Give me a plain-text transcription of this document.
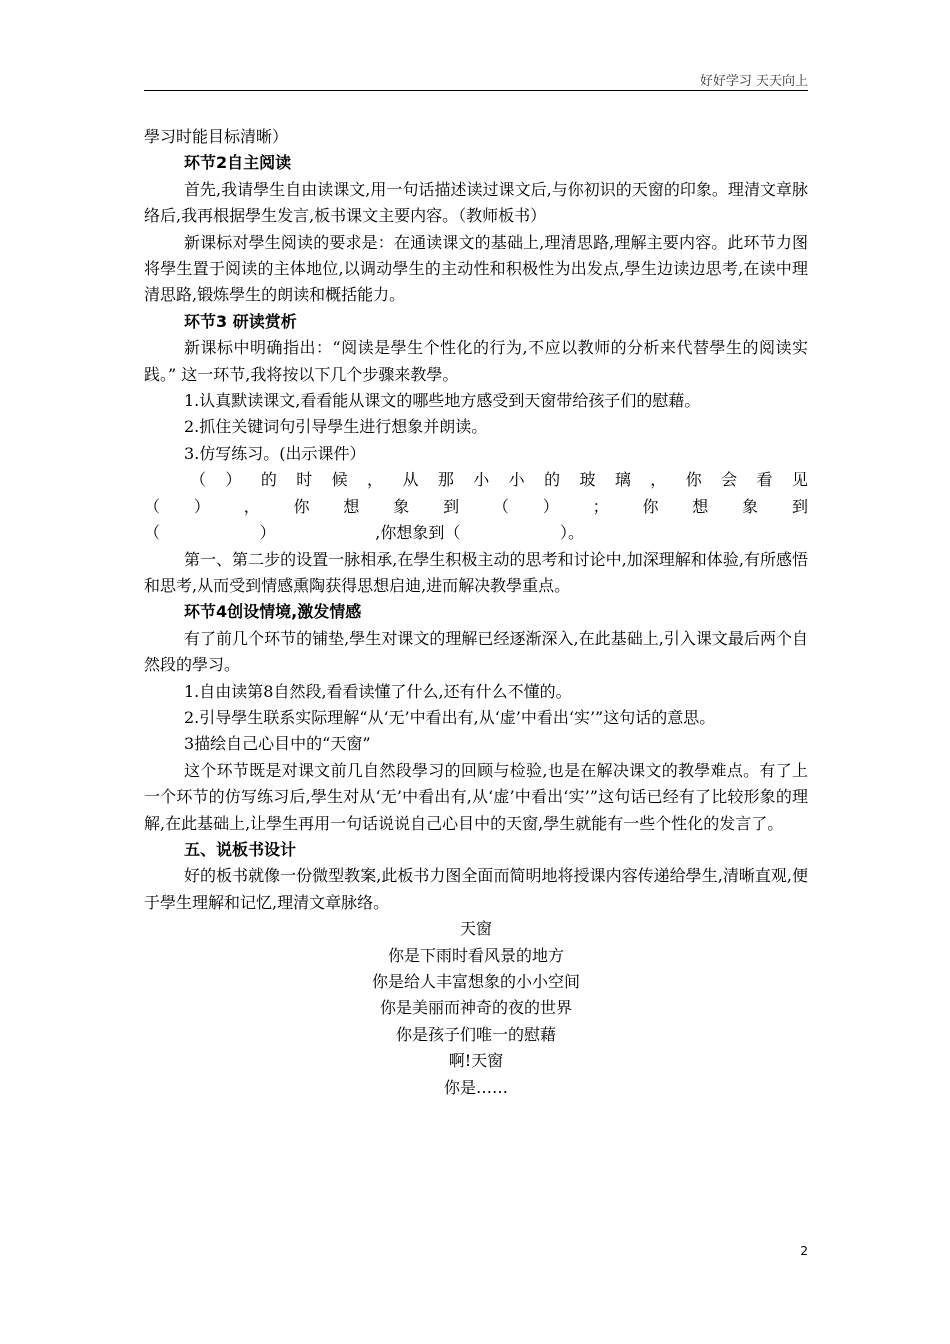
好好学习 天天向上

學习时能目标清晰）

环节2自主阅读

首先,我请學生自由读课文,用一句话描述读过课文后,与你初识的天窗的印象。理清文章脉络后,我再根据學生发言,板书课文主要内容。（教师板书）

新课标对學生阅读的要求是：在通读课文的基础上,理清思路,理解主要内容。此环节力图将學生置于阅读的主体地位,以调动學生的主动性和积极性为出发点,學生边读边思考,在读中理清思路,锻炼學生的朗读和概括能力。

环节3 研读赏析

新课标中明确指出：“阅读是學生个性化的行为,不应以教师的分析来代替學生的阅读实践。” 这一环节,我将按以下几个步骤来教學。

1.认真默读课文,看看能从课文的哪些地方感受到天窗带给孩子们的慰藉。

2.抓住关键词句引导學生进行想象并朗读。

3.仿写练习。(出示课件）

（ ） 的 时 候 ， 从 那 小 小 的 玻 璃 ， 你 会 看 见
（ ） ， 你 想 象 到 （ ） ； 你 想 象 到
（	）	,你想象到（	）。

第一、第二步的设置一脉相承,在學生积极主动的思考和讨论中,加深理解和体验,有所感悟和思考,从而受到情感熏陶获得思想启迪,进而解决教學重点。

环节4创设情境,激发情感

有了前几个环节的铺垫,學生对课文的理解已经逐渐深入,在此基础上,引入课文最后两个自然段的學习。

1.自由读第8自然段,看看读懂了什么,还有什么不懂的。

2.引导學生联系实际理解“从‘无’中看出有,从‘虚’中看出‘实’”这句话的意思。

3描绘自己心目中的“天窗”

这个环节既是对课文前几自然段學习的回顾与检验,也是在解决课文的教學难点。有了上一个环节的仿写练习后,學生对从‘无’中看出有,从‘虚’中看出‘实’”这句话已经有了比较形象的理解,在此基础上,让學生再用一句话说说自己心目中的天窗,學生就能有一些个性化的发言了。

五、说板书设计

好的板书就像一份微型教案,此板书力图全面而简明地将授课内容传递给學生,清晰直观,便于學生理解和记忆,理清文章脉络。

天窗

你是下雨时看风景的地方

你是给人丰富想象的小小空间

你是美丽而神奇的夜的世界

你是孩子们唯一的慰藉

啊!天窗

你是……

2
